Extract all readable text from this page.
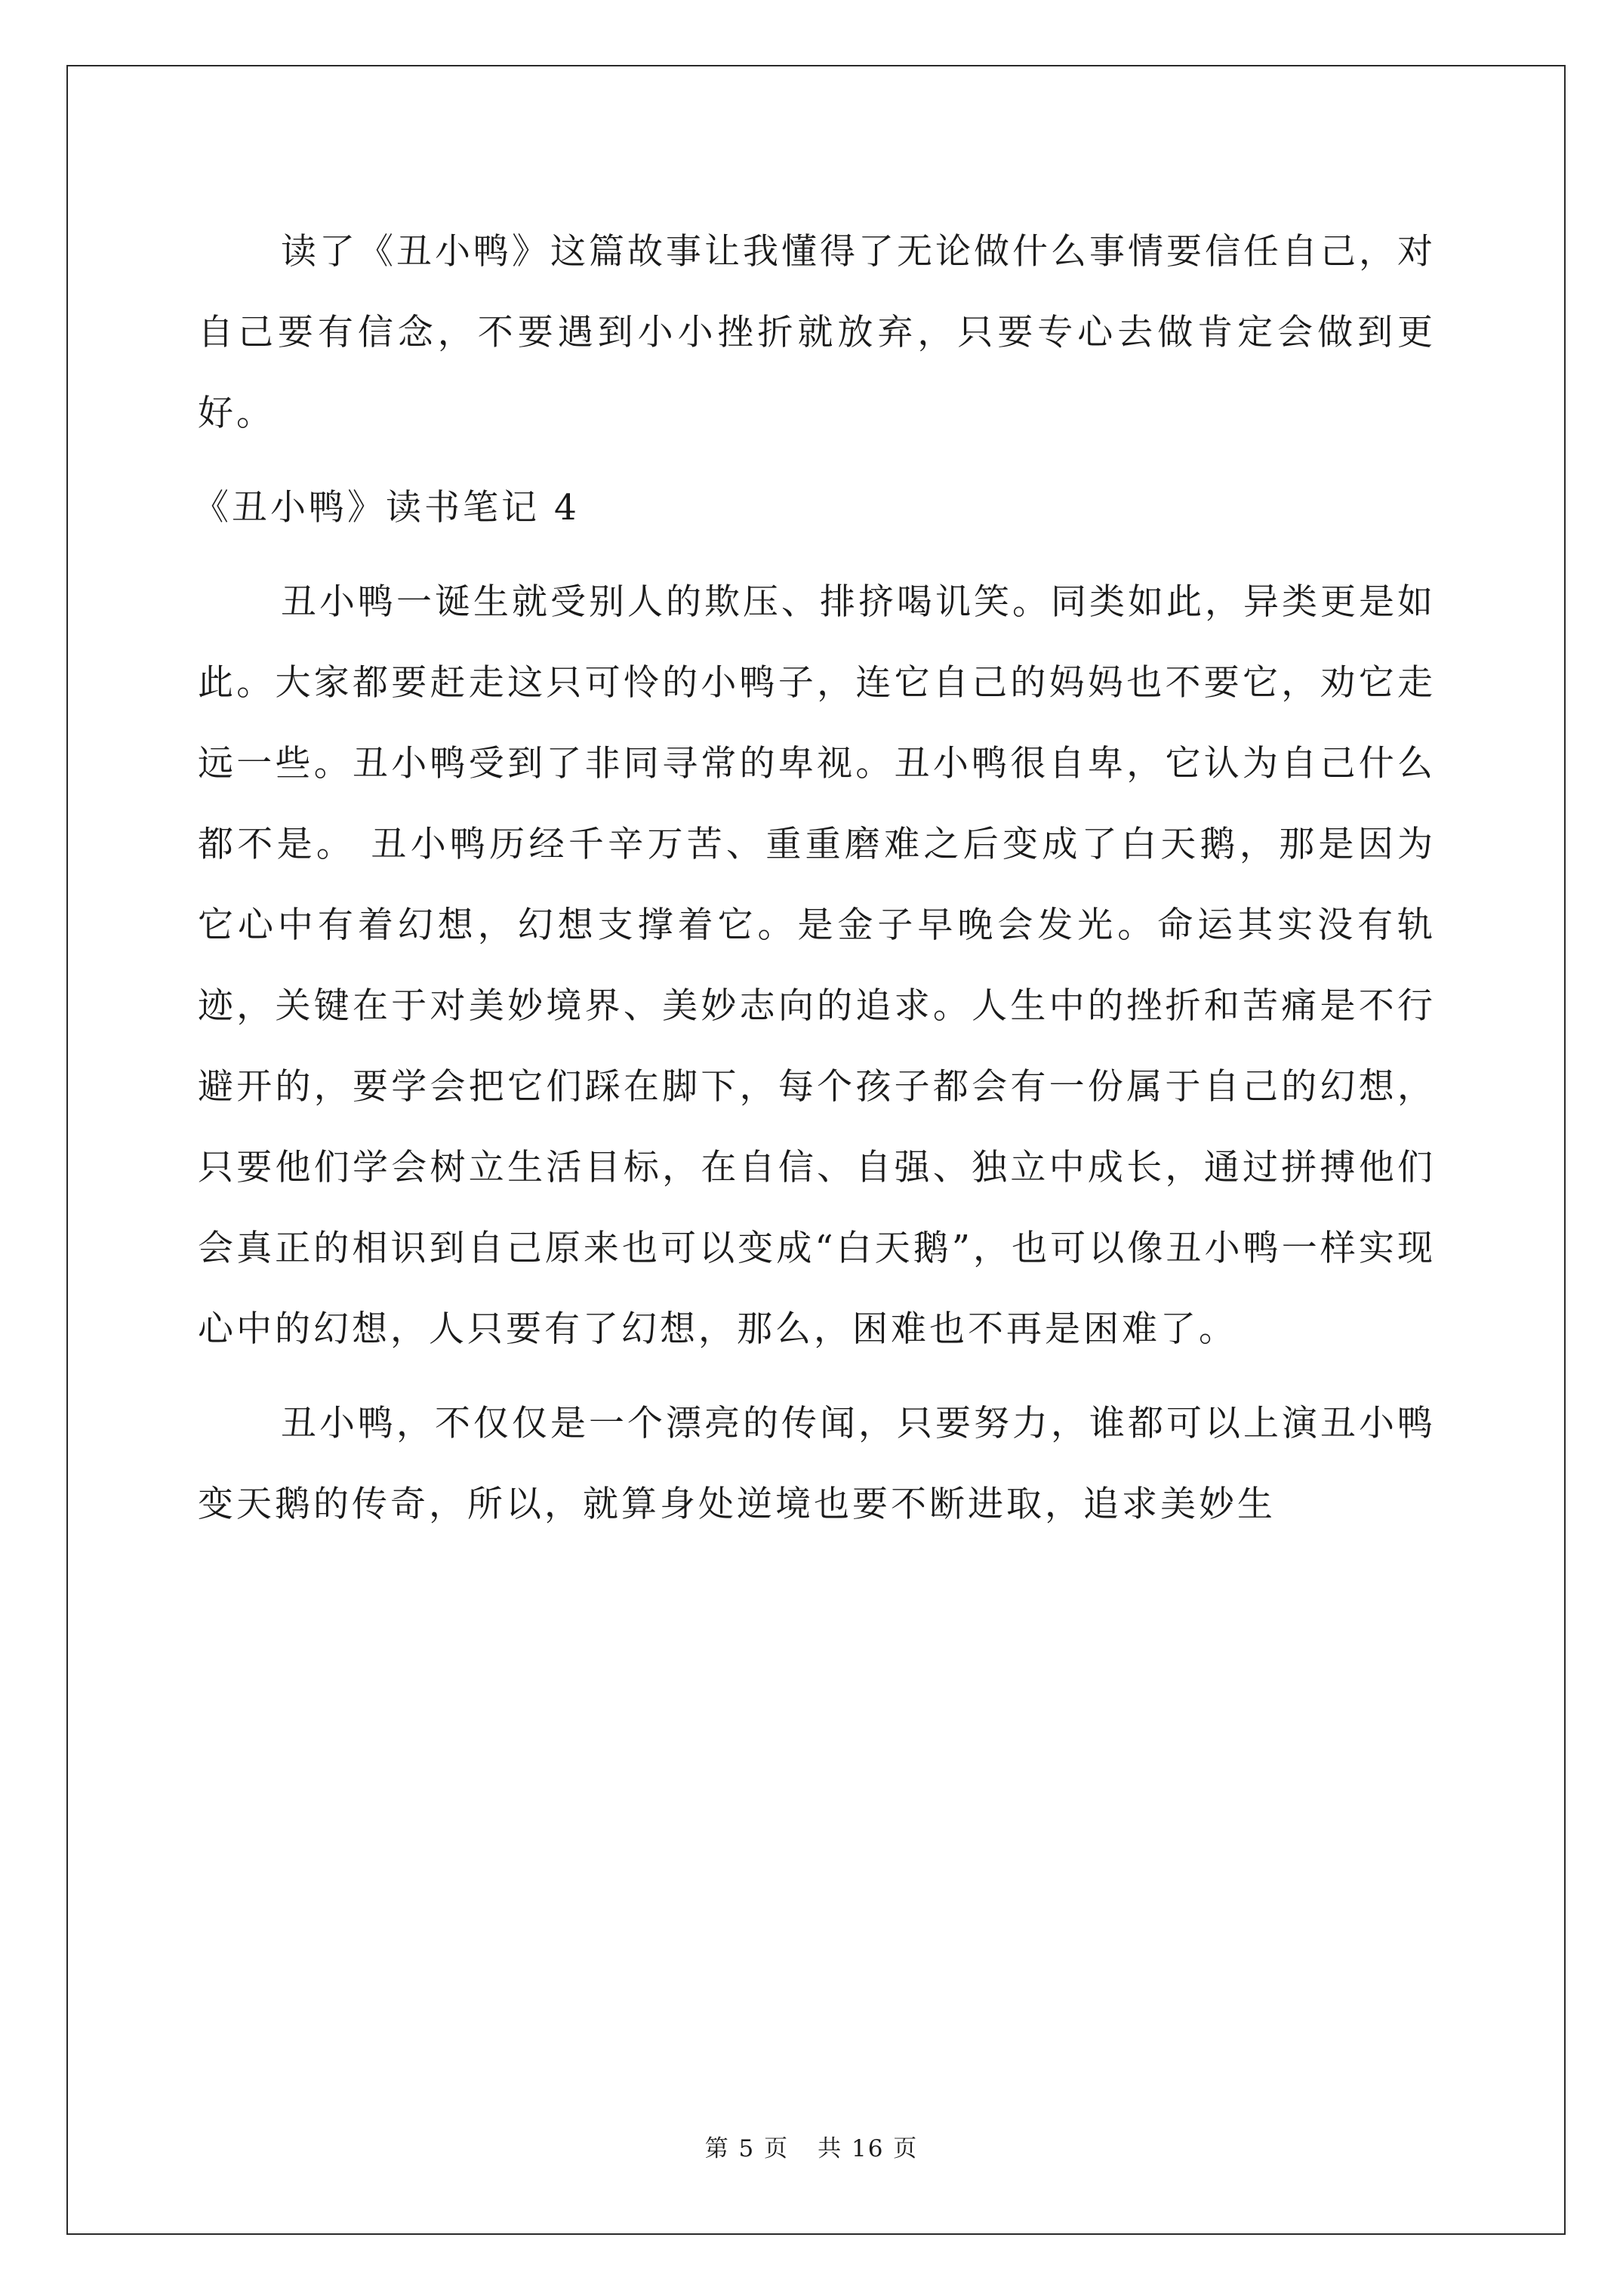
读了《丑小鸭》这篇故事让我懂得了无论做什么事情要信任自己，对自己要有信念，不要遇到小小挫折就放弃，只要专心去做肯定会做到更好。

《丑小鸭》读书笔记 4

丑小鸭一诞生就受别人的欺压、排挤喝讥笑。同类如此，异类更是如此。大家都要赶走这只可怜的小鸭子，连它自己的妈妈也不要它，劝它走远一些。丑小鸭受到了非同寻常的卑视。丑小鸭很自卑，它认为自己什么都不是。 丑小鸭历经千辛万苦、重重磨难之后变成了白天鹅，那是因为它心中有着幻想，幻想支撑着它。是金子早晚会发光。命运其实没有轨迹，关键在于对美妙境界、美妙志向的追求。人生中的挫折和苦痛是不行避开的，要学会把它们踩在脚下，每个孩子都会有一份属于自己的幻想，只要他们学会树立生活目标，在自信、自强、独立中成长，通过拼搏他们会真正的相识到自己原来也可以变成“白天鹅”，也可以像丑小鸭一样实现心中的幻想，人只要有了幻想，那么，困难也不再是困难了。

丑小鸭，不仅仅是一个漂亮的传闻，只要努力，谁都可以上演丑小鸭变天鹅的传奇，所以，就算身处逆境也要不断进取，追求美妙生

第 5 页 共 16 页
